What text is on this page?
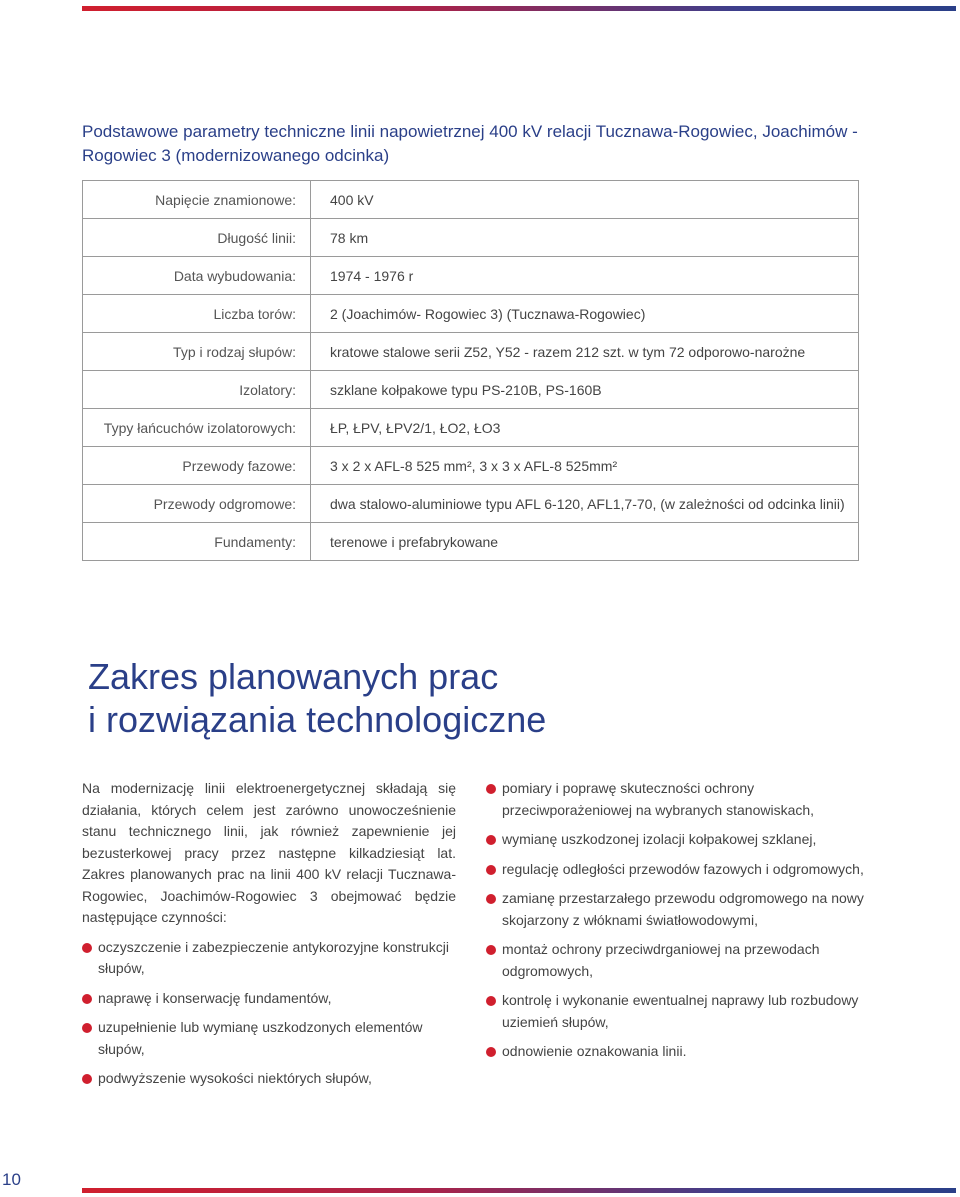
Podstawowe parametry techniczne linii napowietrznej 400 kV relacji Tucznawa-Rogowiec, Joachimów - Rogowiec 3 (modernizowanego odcinka)
Napięcie znamionowe:	400 kV
Długość linii:	78 km
Data wybudowania:	1974 - 1976 r
Liczba torów:	2 (Joachimów- Rogowiec 3) (Tucznawa-Rogowiec)
Typ i rodzaj słupów:	kratowe stalowe serii Z52, Y52 - razem 212 szt. w tym 72 odporowo-narożne
Izolatory:	szklane kołpakowe typu PS-210B, PS-160B
Typy łańcuchów izolatorowych:	ŁP, ŁPV, ŁPV2/1, ŁO2, ŁO3
Przewody fazowe:	3 x 2 x AFL-8 525 mm², 3 x 3 x AFL-8 525mm²
Przewody odgromowe:	dwa stalowo-aluminiowe typu AFL 6-120, AFL1,7-70, (w zależności od odcinka linii)
Fundamenty:	terenowe i prefabrykowane
Zakres planowanych prac
i rozwiązania technologiczne
Na modernizację linii elektroenergetycznej składają się działania, których celem jest zarówno unowocześnienie stanu technicznego linii, jak również zapewnienie jej bezusterkowej pracy przez następne kilkadziesiąt lat. Zakres planowanych prac na linii 400 kV relacji Tucznawa-Rogowiec, Joachimów-Rogowiec 3 obejmować będzie następujące czynności:
oczyszczenie i zabezpieczenie antykorozyjne konstrukcji słupów,
naprawę i konserwację fundamentów,
uzupełnienie lub wymianę uszkodzonych elementów słupów,
podwyższenie wysokości niektórych słupów,
pomiary i poprawę skuteczności ochrony przeciwporażeniowej na wybranych stanowiskach,
wymianę uszkodzonej izolacji kołpakowej szklanej,
regulację odległości przewodów fazowych i odgromowych,
zamianę przestarzałego przewodu odgromowego na nowy skojarzony z włóknami światłowodowymi,
montaż ochrony przeciwdrganiowej na przewodach odgromowych,
kontrolę i wykonanie ewentualnej naprawy lub rozbudowy uziemień słupów,
odnowienie oznakowania linii.
10
